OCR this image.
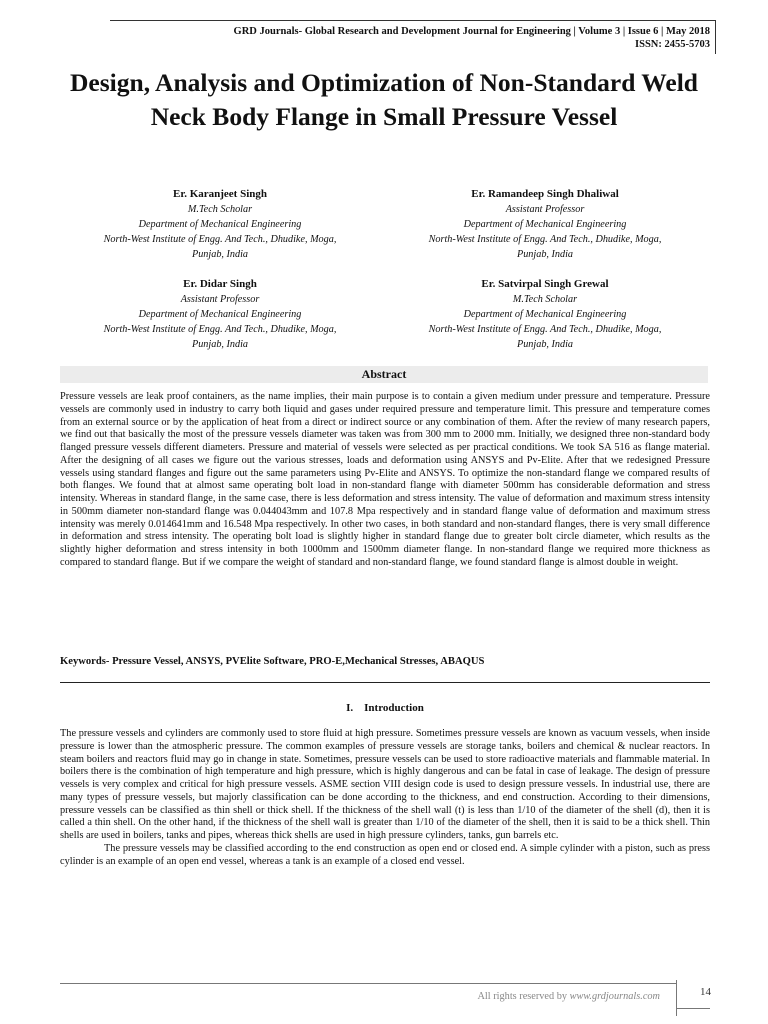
GRD Journals- Global Research and Development Journal for Engineering | Volume 3 | Issue 6 | May 2018
ISSN: 2455-5703
Design, Analysis and Optimization of Non-Standard Weld Neck Body Flange in Small Pressure Vessel
Er. Karanjeet Singh
M.Tech Scholar
Department of Mechanical Engineering
North-West Institute of Engg. And Tech., Dhudike, Moga,
Punjab, India
Er. Ramandeep Singh Dhaliwal
Assistant Professor
Department of Mechanical Engineering
North-West Institute of Engg. And Tech., Dhudike, Moga,
Punjab, India
Er. Didar Singh
Assistant Professor
Department of Mechanical Engineering
North-West Institute of Engg. And Tech., Dhudike, Moga,
Punjab, India
Er. Satvirpal Singh Grewal
M.Tech Scholar
Department of Mechanical Engineering
North-West Institute of Engg. And Tech., Dhudike, Moga,
Punjab, India
Abstract
Pressure vessels are leak proof containers, as the name implies, their main purpose is to contain a given medium under pressure and temperature. Pressure vessels are commonly used in industry to carry both liquid and gases under required pressure and temperature limit. This pressure and temperature comes from an external source or by the application of heat from a direct or indirect source or any combination of them. After the review of many research papers, we find out that basically the most of the pressure vessels diameter was taken was from 300 mm to 2000 mm. Initially, we designed three non-standard body flanged pressure vessels different diameters. Pressure and material of vessels were selected as per practical conditions. We took SA 516 as flange material. After the designing of all cases we figure out the various stresses, loads and deformation using ANSYS and Pv-Elite. After that we redesigned Pressure vessels using standard flanges and figure out the same parameters using Pv-Elite and ANSYS. To optimize the non-standard flange we compared results of both flanges. We found that at almost same operating bolt load in non-standard flange with diameter 500mm has considerable deformation and stress intensity. Whereas in standard flange, in the same case, there is less deformation and stress intensity. The value of deformation and maximum stress intensity in 500mm diameter non-standard flange was 0.044043mm and 107.8 Mpa respectively and in standard flange value of deformation and maximum stress intensity was merely 0.014641mm and 16.548 Mpa respectively. In other two cases, in both standard and non-standard flanges, there is very small difference in deformation and stress intensity. The operating bolt load is slightly higher in standard flange due to greater bolt circle diameter, which results as the slightly higher deformation and stress intensity in both 1000mm and 1500mm diameter flange. In non-standard flange we required more thickness as compared to standard flange. But if we compare the weight of standard and non-standard flange, we found standard flange is almost double in weight.
Keywords- Pressure Vessel, ANSYS, PVElite Software, PRO-E,Mechanical Stresses, ABAQUS
I. Introduction

The pressure vessels and cylinders are commonly used to store fluid at high pressure. Sometimes pressure vessels are known as vacuum vessels, when inside pressure is lower than the atmospheric pressure. The common examples of pressure vessels are storage tanks, boilers and chemical & nuclear reactors. In steam boilers and reactors fluid may go in change in state. Sometimes, pressure vessels can be used to store radioactive materials and flammable material. In boilers there is the combination of high temperature and high pressure, which is highly dangerous and can be fatal in case of leakage. The design of pressure vessels is very complex and critical for high pressure vessels. ASME section VIII design code is used to design pressure vessels. In industrial use, there are many types of pressure vessels, but majorly classification can be done according to the thickness, and end construction. According to their dimensions, pressure vessels can be classified as thin shell or thick shell. If the thickness of the shell wall (t) is less than 1/10 of the diameter of the shell (d), then it is called a thin shell. On the other hand, if the thickness of the shell wall is greater than 1/10 of the diameter of the shell, then it is said to be a thick shell. Thin shells are used in boilers, tanks and pipes, whereas thick shells are used in high pressure cylinders, tanks, gun barrels etc.

The pressure vessels may be classified according to the end construction as open end or closed end. A simple cylinder with a piston, such as press cylinder is an example of an open end vessel, whereas a tank is an example of a closed end vessel.

All rights reserved by www.grdjournals.com	14
